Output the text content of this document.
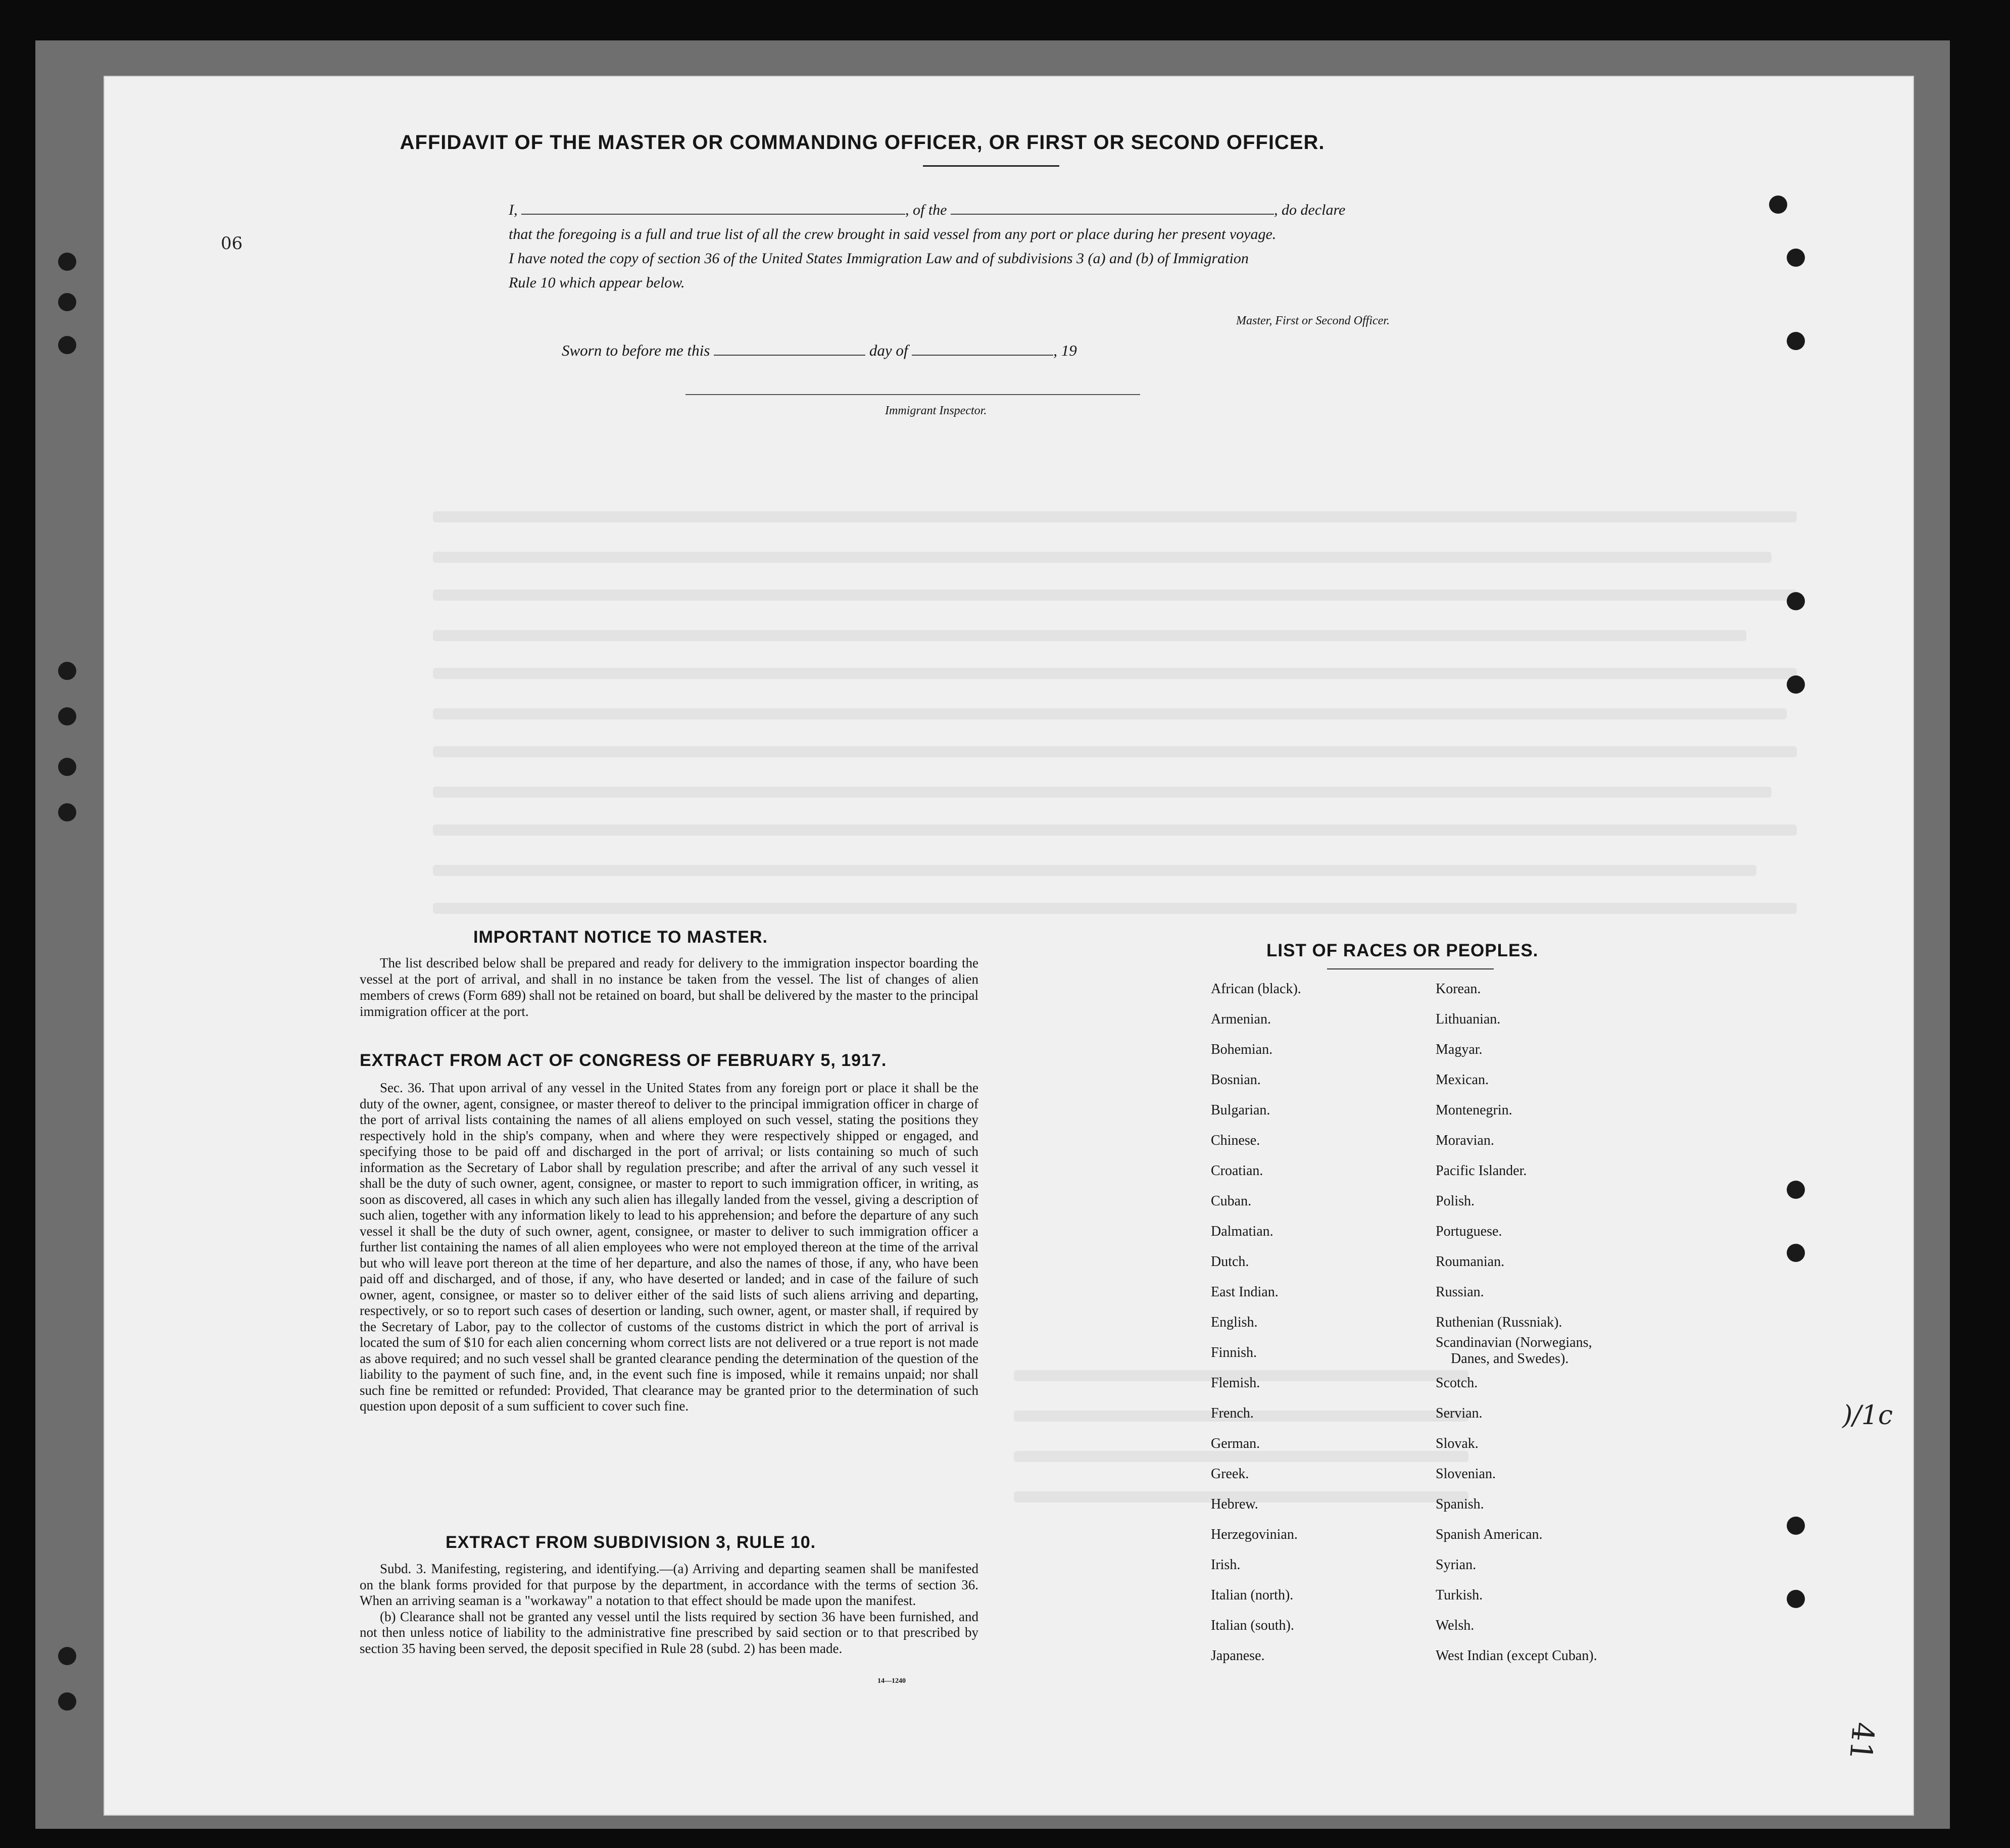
AFFIDAVIT OF THE MASTER OR COMMANDING OFFICER, OR FIRST OR SECOND OFFICER.
I,	, of the	, do declare
that the foregoing is a full and true list of all the crew brought in said vessel from any port or place during her present voyage.
I have noted the copy of section 36 of the United States Immigration Law and of subdivisions 3 (a) and (b) of Immigration
Rule 10 which appear below.
Master, First or Second Officer.
Sworn to before me this	day of	, 19
Immigrant Inspector.
IMPORTANT NOTICE TO MASTER.
The list described below shall be prepared and ready for delivery to the immigration inspector boarding the vessel at the port of arrival, and shall in no instance be taken from the vessel. The list of changes of alien members of crews (Form 689) shall not be retained on board, but shall be delivered by the master to the principal immigration officer at the port.
EXTRACT FROM ACT OF CONGRESS OF FEBRUARY 5, 1917.
Sec. 36. That upon arrival of any vessel in the United States from any foreign port or place it shall be the duty of the owner, agent, consignee, or master thereof to deliver to the principal immigration officer in charge of the port of arrival lists containing the names of all aliens employed on such vessel, stating the positions they respectively hold in the ship's company, when and where they were respectively shipped or engaged, and specifying those to be paid off and discharged in the port of arrival; or lists containing so much of such information as the Secretary of Labor shall by regulation prescribe; and after the arrival of any such vessel it shall be the duty of such owner, agent, consignee, or master to report to such immigration officer, in writing, as soon as discovered, all cases in which any such alien has illegally landed from the vessel, giving a description of such alien, together with any information likely to lead to his apprehension; and before the departure of any such vessel it shall be the duty of such owner, agent, consignee, or master to deliver to such immigration officer a further list containing the names of all alien employees who were not employed thereon at the time of the arrival but who will leave port thereon at the time of her departure, and also the names of those, if any, who have been paid off and discharged, and of those, if any, who have deserted or landed; and in case of the failure of such owner, agent, consignee, or master so to deliver either of the said lists of such aliens arriving and departing, respectively, or so to report such cases of desertion or landing, such owner, agent, or master shall, if required by the Secretary of Labor, pay to the collector of customs of the customs district in which the port of arrival is located the sum of $10 for each alien concerning whom correct lists are not delivered or a true report is not made as above required; and no such vessel shall be granted clearance pending the determination of the question of the liability to the payment of such fine, and, in the event such fine is imposed, while it remains unpaid; nor shall such fine be remitted or refunded: Provided, That clearance may be granted prior to the determination of such question upon deposit of a sum sufficient to cover such fine.
EXTRACT FROM SUBDIVISION 3, RULE 10.

Subd. 3. Manifesting, registering, and identifying.—(a) Arriving and departing seamen shall be manifested on the blank forms provided for that purpose by the department, in accordance with the terms of section 36. When an arriving seaman is a "workaway" a notation to that effect should be made upon the manifest.

(b) Clearance shall not be granted any vessel until the lists required by section 36 have been furnished, and not then unless notice of liability to the administrative fine prescribed by said section or to that prescribed by section 35 having been served, the deposit specified in Rule 28 (subd. 2) has been made.

14—1240
LIST OF RACES OR PEOPLES.
African (black).
Armenian.
Bohemian.
Bosnian.
Bulgarian.
Chinese.
Croatian.
Cuban.
Dalmatian.
Dutch.
East Indian.
English.
Finnish.
Flemish.
French.
German.
Greek.
Hebrew.
Herzegovinian.
Irish.
Italian (north).
Italian (south).
Japanese.
Korean.
Lithuanian.
Magyar.
Mexican.
Montenegrin.
Moravian.
Pacific Islander.
Polish.
Portuguese.
Roumanian.
Russian.
Ruthenian (Russniak).
Scandinavian (Norwegians,
Danes, and Swedes).
Scotch.
Servian.
Slovak.
Slovenian.
Spanish.
Spanish American.
Syrian.
Turkish.
Welsh.
West Indian (except Cuban).
06
)/1c
41
